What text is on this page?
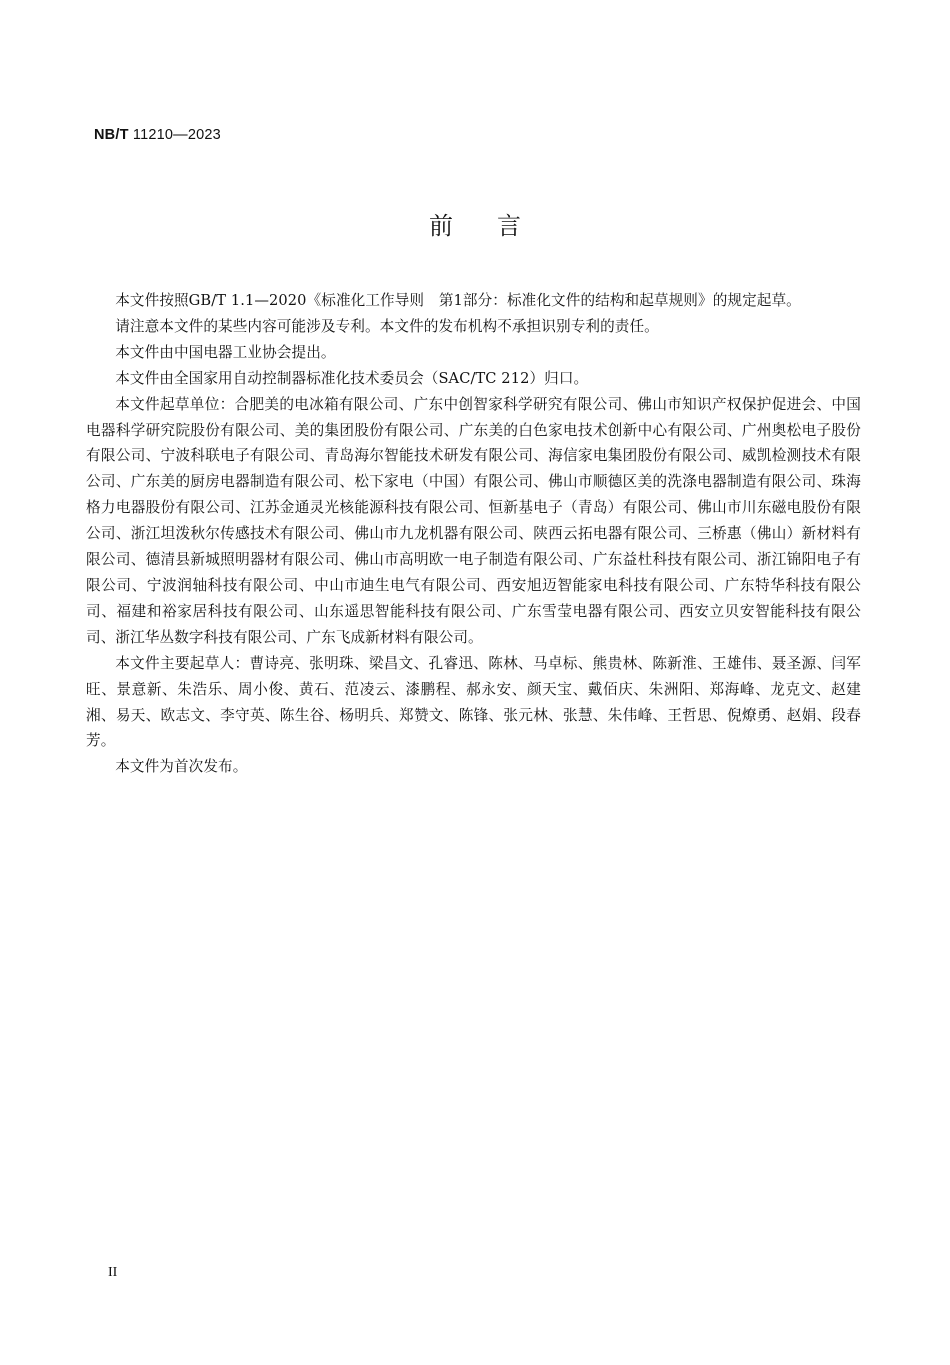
NB/T 11210—2023
前言

本文件按照GB/T 1.1—2020《标准化工作导则　第1部分：标准化文件的结构和起草规则》的规定起草。

请注意本文件的某些内容可能涉及专利。本文件的发布机构不承担识别专利的责任。

本文件由中国电器工业协会提出。

本文件由全国家用自动控制器标准化技术委员会（SAC/TC 212）归口。

本文件起草单位：合肥美的电冰箱有限公司、广东中创智家科学研究有限公司、佛山市知识产权保护促进会、中国电器科学研究院股份有限公司、美的集团股份有限公司、广东美的白色家电技术创新中心有限公司、广州奥松电子股份有限公司、宁波科联电子有限公司、青岛海尔智能技术研发有限公司、海信家电集团股份有限公司、威凯检测技术有限公司、广东美的厨房电器制造有限公司、松下家电（中国）有限公司、佛山市顺德区美的洗涤电器制造有限公司、珠海格力电器股份有限公司、江苏金通灵光核能源科技有限公司、恒新基电子（青岛）有限公司、佛山市川东磁电股份有限公司、浙江坦泼秋尔传感技术有限公司、佛山市九龙机器有限公司、陕西云拓电器有限公司、三桥惠（佛山）新材料有限公司、德清县新城照明器材有限公司、佛山市高明欧一电子制造有限公司、广东益杜科技有限公司、浙江锦阳电子有限公司、宁波润轴科技有限公司、中山市迪生电气有限公司、西安旭迈智能家电科技有限公司、广东特华科技有限公司、福建和裕家居科技有限公司、山东遥思智能科技有限公司、广东雪莹电器有限公司、西安立贝安智能科技有限公司、浙江华丛数字科技有限公司、广东飞成新材料有限公司。

本文件主要起草人：曹诗亮、张明珠、梁昌文、孔睿迅、陈林、马卓标、熊贵林、陈新淮、王雄伟、聂圣源、闫军旺、景意新、朱浩乐、周小俊、黄石、范凌云、漆鹏程、郝永安、颜天宝、戴佰庆、朱洲阳、郑海峰、龙克文、赵建湘、易天、欧志文、李守英、陈生谷、杨明兵、郑赞文、陈锋、张元林、张慧、朱伟峰、王哲思、倪燎勇、赵娟、段春芳。

本文件为首次发布。

II
